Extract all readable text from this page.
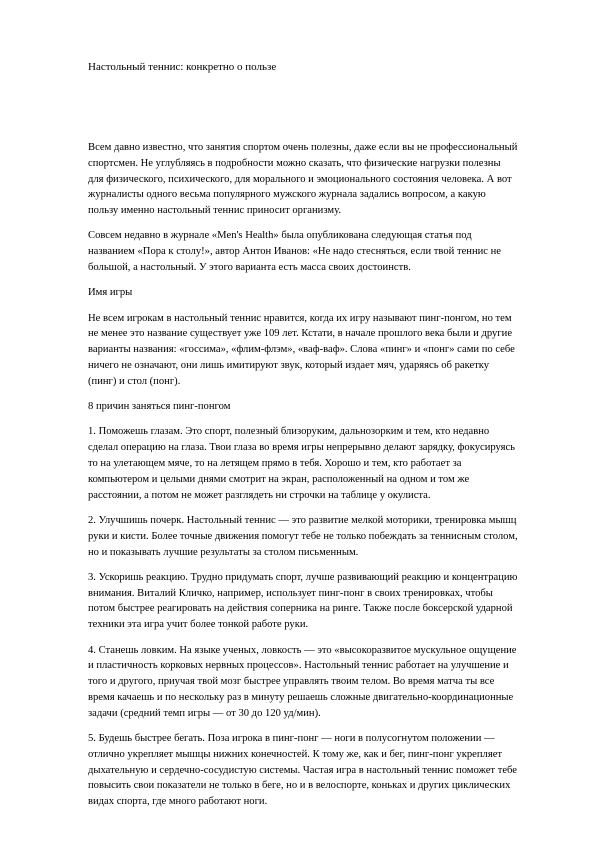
Настольный теннис: конкретно о пользе

Всем давно известно, что занятия спортом очень полезны, даже если вы не профессиональный спортсмен. Не углубляясь в подробности можно сказать, что физические нагрузки полезны для физического, психического, для морального и эмоционального состояния человека. А вот журналисты одного весьма популярного мужского журнала задались вопросом, а какую пользу именно настольный теннис приносит организму.

Совсем недавно в журнале «Men's Health» была опубликована следующая статья под названием «Пора к столу!», автор Антон Иванов: «Не надо стесняться, если твой теннис не большой, а настольный. У этого варианта есть масса своих достоинств.

Имя игры

Не всем игрокам в настольный теннис нравится, когда их игру называют пинг-понгом, но тем не менее это название существует уже 109 лет. Кстати, в начале прошлого века были и другие варианты названия: «госсима», «флим-флэм», «ваф-ваф». Слова «пинг» и «понг» сами по себе ничего не означают, они лишь имитируют звук, который издает мяч, ударяясь об ракетку (пинг) и стол (понг).

8 причин заняться пинг-понгом

1. Поможешь глазам. Это спорт, полезный близоруким, дальнозорким и тем, кто недавно сделал операцию на глаза. Твои глаза во время игры непрерывно делают зарядку, фокусируясь то на улетающем мяче, то на летящем прямо в тебя. Хорошо и тем, кто работает за компьютером и целыми днями смотрит на экран, расположенный на одном и том же расстоянии, а потом не может разглядеть ни строчки на таблице у окулиста.

2. Улучшишь почерк. Настольный теннис — это развитие мелкой моторики, тренировка мышц руки и кисти. Более точные движения помогут тебе не только побеждать за теннисным столом, но и показывать лучшие результаты за столом письменным.

3. Ускоришь реакцию. Трудно придумать спорт, лучше развивающий реакцию и концентрацию внимания. Виталий Кличко, например, использует пинг-понг в своих тренировках, чтобы потом быстрее реагировать на действия соперника на ринге. Также после боксерской ударной техники эта игра учит более тонкой работе руки.

4. Станешь ловким. На языке ученых, ловкость — это «высокоразвитое мускульное ощущение и пластичность корковых нервных процессов». Настольный теннис работает на улучшение и того и другого, приучая твой мозг быстрее управлять твоим телом. Во время матча ты все время качаешь и по нескольку раз в минуту решаешь сложные двигательно-координационные задачи (средний темп игры — от 30 до 120 уд/мин).

5. Будешь быстрее бегать. Поза игрока в пинг-понг — ноги в полусогнутом положении — отлично укрепляет мышцы нижних конечностей. К тому же, как и бег, пинг-понг укрепляет дыхательную и сердечно-сосудистую системы. Частая игра в настольный теннис поможет тебе повысить свои показатели не только в беге, но и в велоспорте, коньках и других циклических видах спорта, где много работают ноги.
